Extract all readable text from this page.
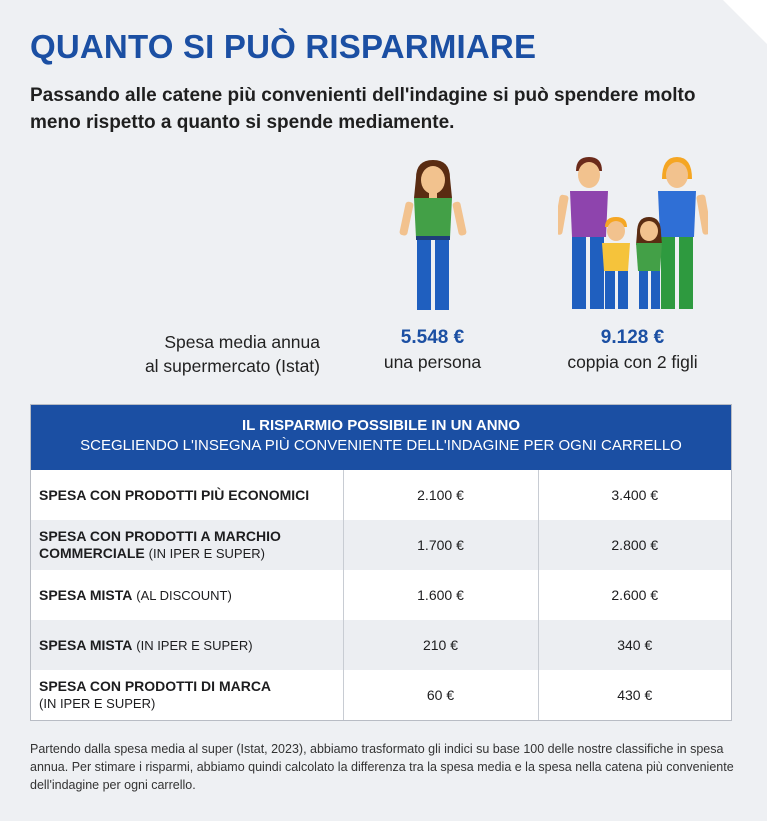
QUANTO SI PUÒ RISPARMIARE

Passando alle catene più convenienti dell'indagine si può spendere molto meno rispetto a quanto si spende mediamente.

Spesa media annua
al supermercato (Istat)
5.548 €
una persona
9.128 €
coppia con 2 figli
IL RISPARMIO POSSIBILE IN UN ANNO
SCEGLIENDO L'INSEGNA PIÙ CONVENIENTE DELL'INDAGINE PER OGNI CARRELLO
SPESA CON PRODOTTI PIÙ ECONOMICI	2.100 €	3.400 €
SPESA CON PRODOTTI A MARCHIO COMMERCIALE (IN IPER E SUPER)	1.700 €	2.800 €
SPESA MISTA (AL DISCOUNT)	1.600 €	2.600 €
SPESA MISTA (IN IPER E SUPER)	210 €	340 €
SPESA CON PRODOTTI DI MARCA
(IN IPER E SUPER)	60 €	430 €

Partendo dalla spesa media al super (Istat, 2023), abbiamo trasformato gli indici su base 100 delle nostre classifiche in spesa annua. Per stimare i risparmi, abbiamo quindi calcolato la differenza tra la spesa media e la spesa nella catena più conveniente dell'indagine per ogni carrello.
